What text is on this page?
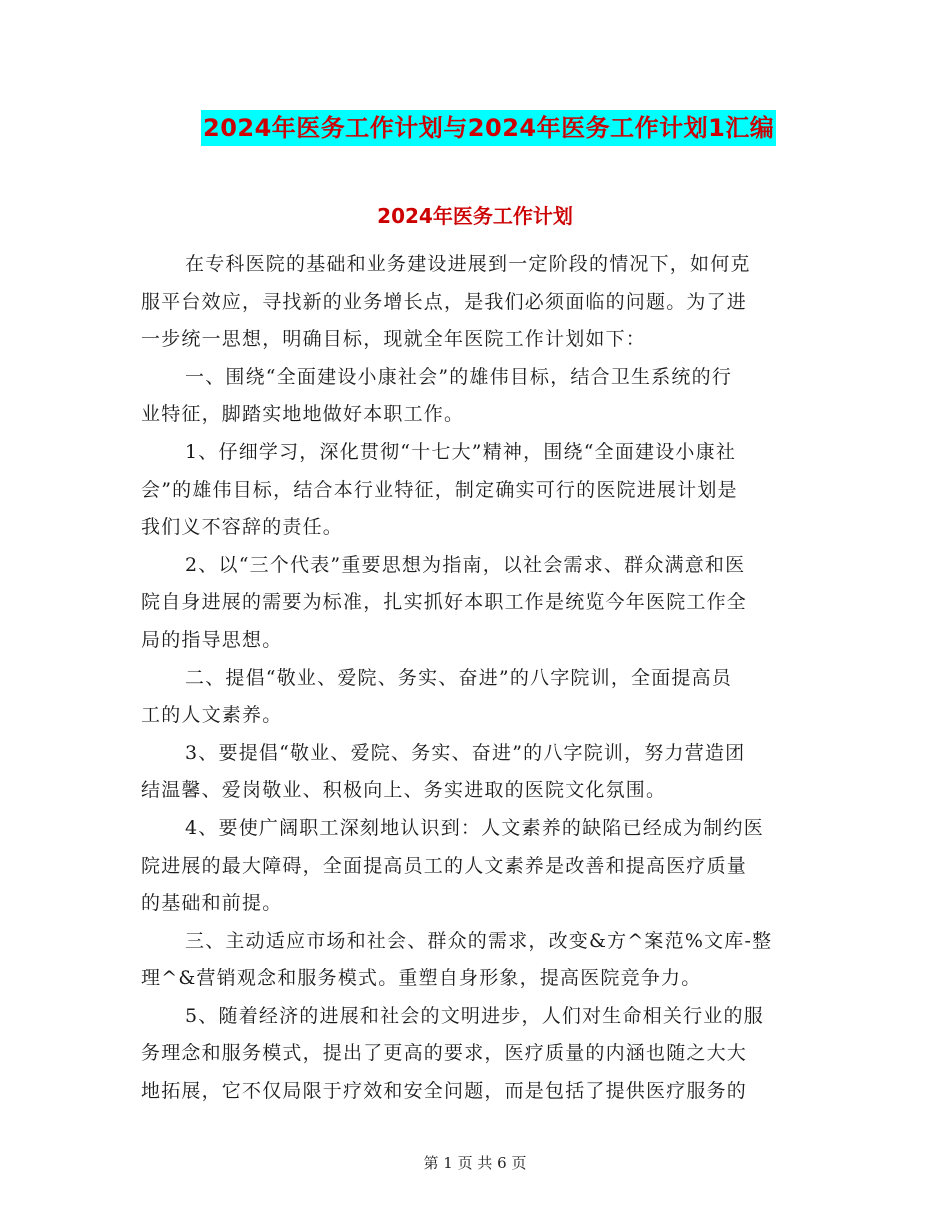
2024年医务工作计划与2024年医务工作计划1汇编
2024年医务工作计划
在专科医院的基础和业务建设进展到一定阶段的情况下，如何克
服平台效应，寻找新的业务增长点，是我们必须面临的问题。为了进
一步统一思想，明确目标，现就全年医院工作计划如下：
一、围绕“全面建设小康社会”的雄伟目标，结合卫生系统的行
业特征，脚踏实地地做好本职工作。
1、仔细学习，深化贯彻“十七大”精神，围绕“全面建设小康社
会”的雄伟目标，结合本行业特征，制定确实可行的医院进展计划是
我们义不容辞的责任。
2、以“三个代表”重要思想为指南，以社会需求、群众满意和医
院自身进展的需要为标准，扎实抓好本职工作是统览今年医院工作全
局的指导思想。
二、提倡“敬业、爱院、务实、奋进”的八字院训，全面提高员
工的人文素养。
3、要提倡“敬业、爱院、务实、奋进”的八字院训，努力营造团
结温馨、爱岗敬业、积极向上、务实进取的医院文化氛围。
4、要使广阔职工深刻地认识到：人文素养的缺陷已经成为制约医
院进展的最大障碍，全面提高员工的人文素养是改善和提高医疗质量
的基础和前提。
三、主动适应市场和社会、群众的需求，改变&方^案范%文库-整
理^&营销观念和服务模式。重塑自身形象，提高医院竞争力。
5、随着经济的进展和社会的文明进步，人们对生命相关行业的服
务理念和服务模式，提出了更高的要求，医疗质量的内涵也随之大大
地拓展，它不仅局限于疗效和安全问题，而是包括了提供医疗服务的
第 1 页 共 6 页
